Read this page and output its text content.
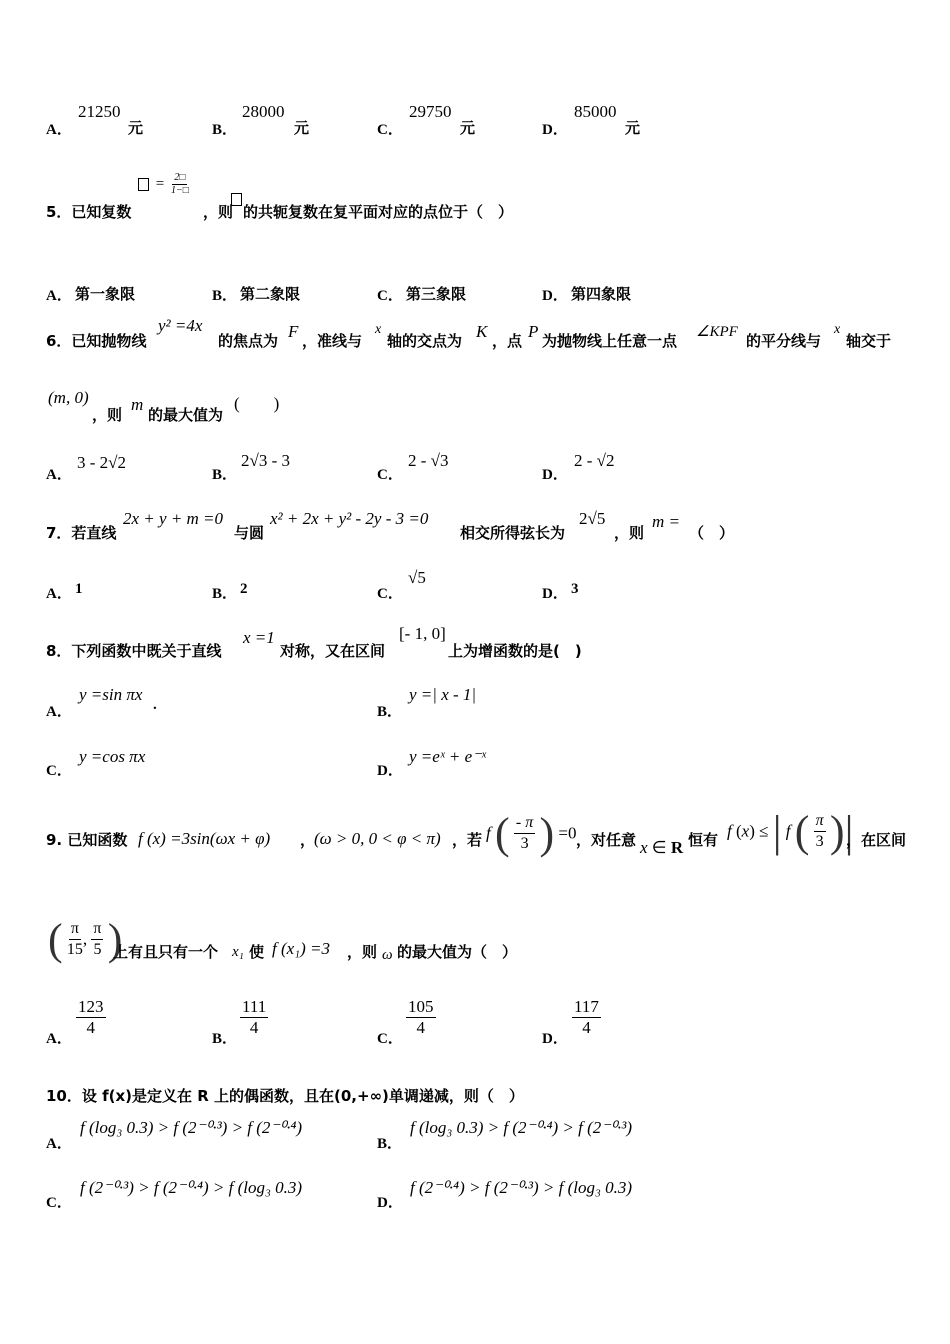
A．
21250
元	B．
28000
元	C．
29750
元	D．
85000
元
5．已知复数
= $\frac{2□}{1-□}$
，则 的共轭复数在复平面对应的点位于（　）
A． 第一象限	B． 第二象限	C． 第三象限	D． 第四象限
6．已知抛物线
y² =4x
的焦点为 F ，准线与
x
轴的交点为 K ，点 P 为抛物线上任意一点 ∠KPF 的平分线与
x
轴交于
(m, 0)
，则
m
的最大值为
(　　)
A．
3 - 2√2
B．
2√3 - 3
C．
2 - √3
D．
2 - √2
7．若直线
2x + y + m =0
与圆
x² + 2x + y² - 2y - 3 =0
相交所得弦长为
2√5
，则
m =
（　）
A． 1	B． 2	C．
√5
D． 3
8．下列函数中既关于直线
x =1
对称，又在区间
[- 1, 0]
上为增函数的是(　)
A．
y =sin πx
.	B．
y =| x - 1|
C．
y =cos πx
D．
y =eˣ + e⁻ˣ
9. 已知函数 f (x) =3sin(ωx + φ) ，
(ω > 0, 0 < φ < π) ，若 f ( $\frac{- \pi}{3}$ ) =0 ，对任意 x ∈ R 恒有 f (x) ≤ | f ( $\frac{\pi}{3}$ )|
，在区间
( $\frac{\pi}{15}$ , $\frac{\pi}{5}$ )
上有且只有一个 x₁ 使 f (x₁) =3 ，则 ω 的最大值为（　）
A．
$\frac{123}{4}$
B．
$\frac{111}{4}$
C．
$\frac{105}{4}$
D．
$\frac{117}{4}$
10．设 f(x)是定义在 R 上的偶函数，且在(0,+∞)单调递减，则（　）
A．
f (log₃ 0.3) > f (2⁻⁰·³) > f (2⁻⁰·⁴)
B．
f (log₃ 0.3) > f (2⁻⁰·⁴) > f (2⁻⁰·³)
C．
f (2⁻⁰·³) > f (2⁻⁰·⁴) > f (log₃ 0.3)
D．
f (2⁻⁰·⁴) > f (2⁻⁰·³) > f (log₃ 0.3)
